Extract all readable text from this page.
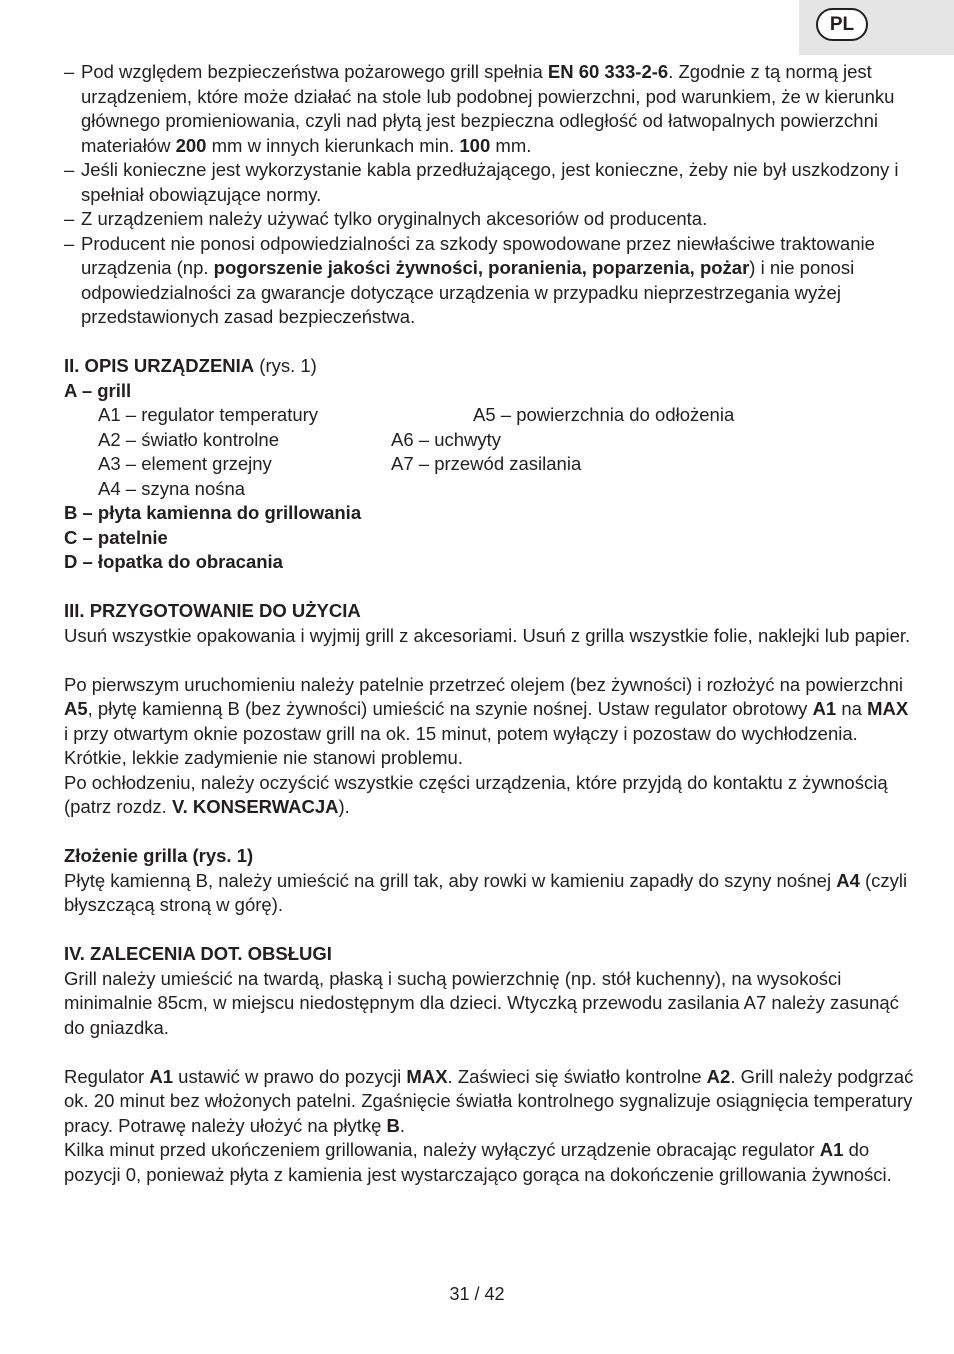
PL
– Pod względem bezpieczeństwa pożarowego grill spełnia EN 60 333-2-6. Zgodnie z tą normą jest urządzeniem, które może działać na stole lub podobnej powierzchni, pod warunkiem, że w kierunku głównego promieniowania, czyli nad płytą jest bezpieczna odległość od łatwopalnych powierzchni materiałów 200 mm w innych kierunkach min. 100 mm.
– Jeśli konieczne jest wykorzystanie kabla przedłużającego, jest konieczne, żeby nie był uszkodzony i spełniał obowiązujące normy.
– Z urządzeniem należy używać tylko oryginalnych akcesoriów od producenta.
– Producent nie ponosi odpowiedzialności za szkody spowodowane przez niewłaściwe traktowanie urządzenia (np. pogorszenie jakości żywności, poranienia, poparzenia, pożar) i nie ponosi odpowiedzialności za gwarancje dotyczące urządzenia w przypadku nieprzestrzegania wyżej przedstawionych zasad bezpieczeństwa.
II. OPIS URZĄDZENIA (rys. 1)
A – grill
A1 – regulator temperatury	A5 – powierzchnia do odłożenia
A2 – światło kontrolne	A6 – uchwyty
A3 – element grzejny	A7 – przewód zasilania
A4 – szyna nośna
B – płyta kamienna do grillowania
C – patelnie
D – łopatka do obracania
III. PRZYGOTOWANIE DO UŻYCIA
Usuń wszystkie opakowania i wyjmij grill z akcesoriami. Usuń z grilla wszystkie folie, naklejki lub papier.
Po pierwszym uruchomieniu należy patelnie przetrzeć olejem (bez żywności) i rozłożyć na powierzchni A5, płytę kamienną B (bez żywności) umieścić na szynie nośnej. Ustaw regulator obrotowy A1 na MAX i przy otwartym oknie pozostaw grill na ok. 15 minut, potem wyłączy i pozostaw do wychłodzenia. Krótkie, lekkie zadymienie nie stanowi problemu.
Po ochłodzeniu, należy oczyścić wszystkie części urządzenia, które przyjdą do kontaktu z żywnością (patrz rozdz. V. KONSERWACJA).
Złożenie grilla (rys. 1)
Płytę kamienną B, należy umieścić na grill tak, aby rowki w kamieniu zapadły do szyny nośnej A4 (czyli błyszczącą stroną w górę).
IV. ZALECENIA DOT. OBSŁUGI
Grill należy umieścić na twardą, płaską i suchą powierzchnię (np. stół kuchenny), na wysokości minimalnie 85cm, w miejscu niedostępnym dla dzieci. Wtyczką przewodu zasilania A7 należy zasunąć do gniazdka.
Regulator A1 ustawić w prawo do pozycji MAX. Zaświeci się światło kontrolne A2. Grill należy podgrzać ok. 20 minut bez włożonych patelni. Zgaśnięcie światła kontrolnego sygnalizuje osiągnięcia temperatury pracy. Potrawę należy ułożyć na płytkę B.
Kilka minut przed ukończeniem grillowania, należy wyłączyć urządzenie obracając regulator A1 do pozycji 0, ponieważ płyta z kamienia jest wystarczająco gorąca na dokończenie grillowania żywności.
31 / 42
